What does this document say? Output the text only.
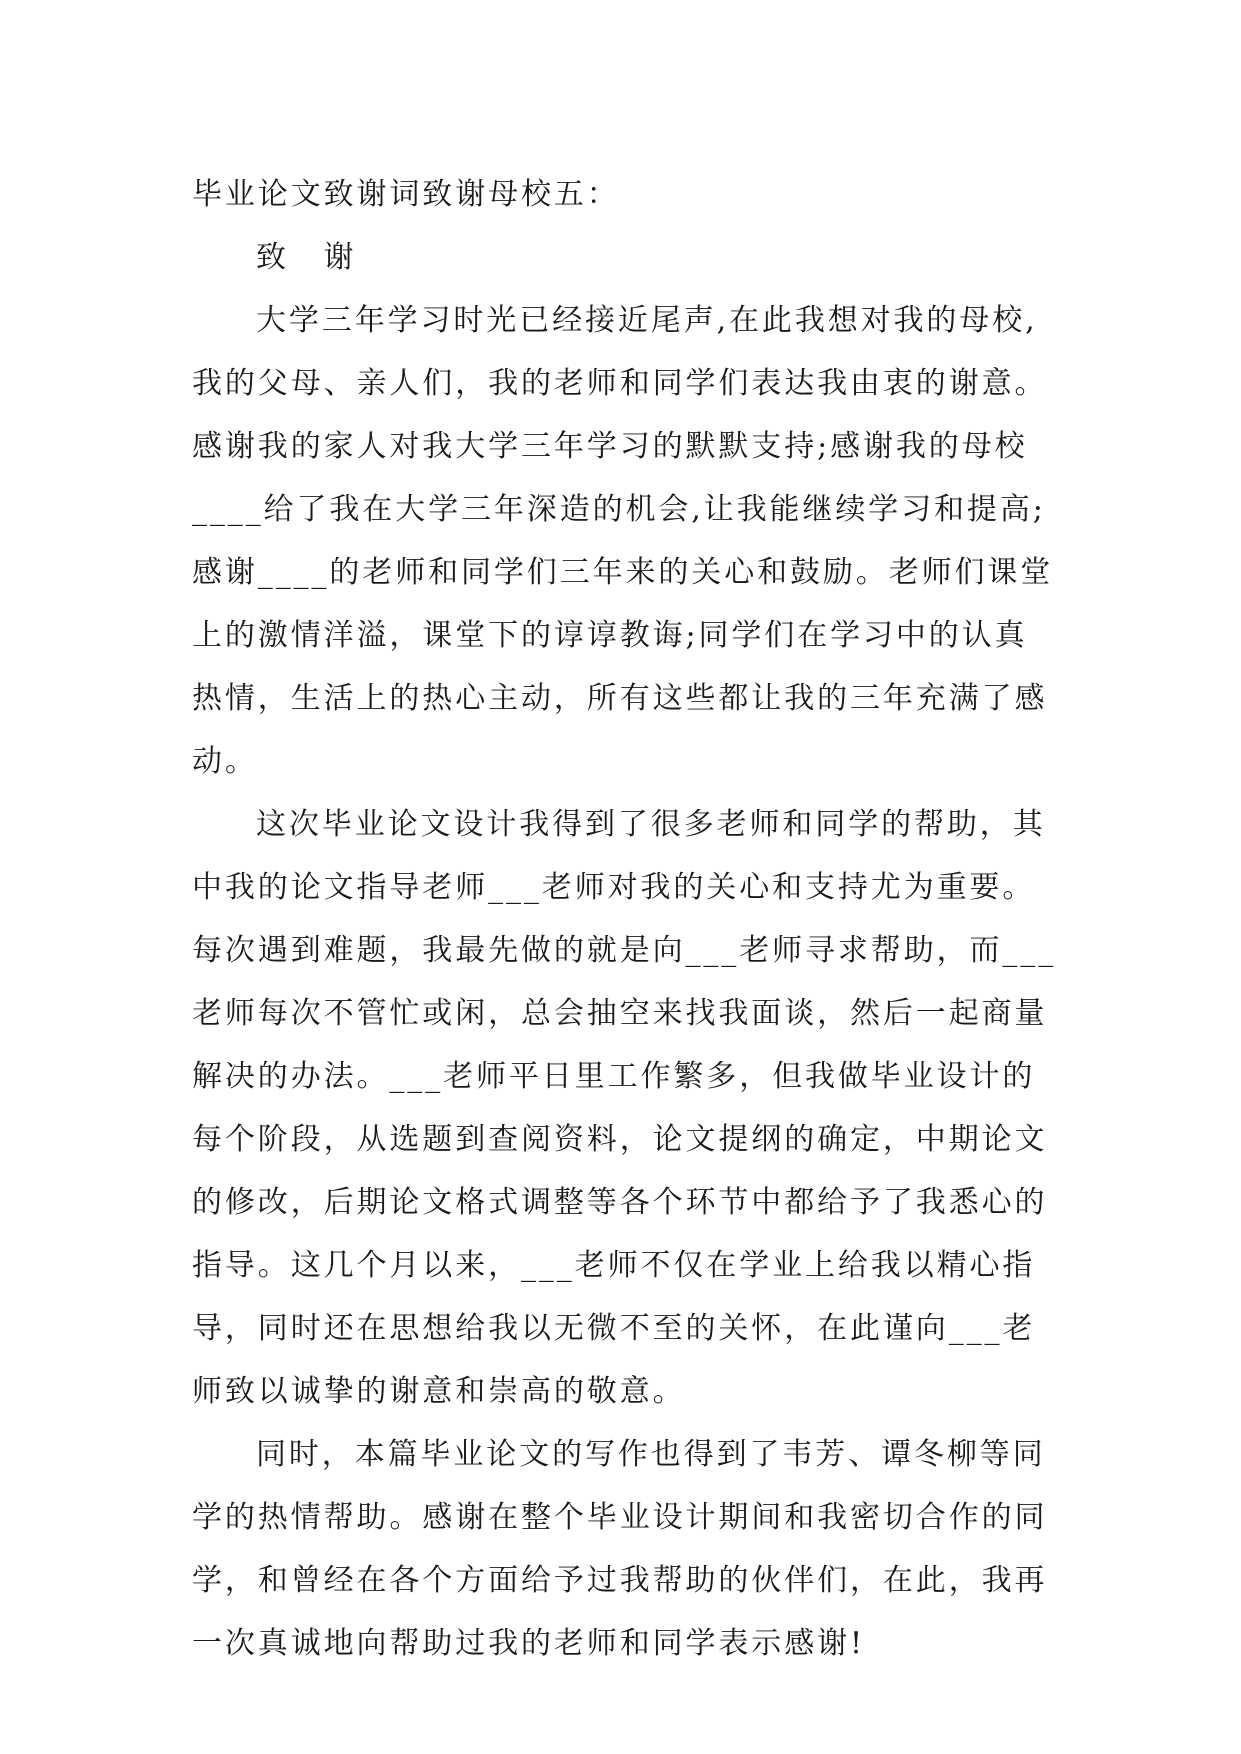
毕业论文致谢词致谢母校五：
致 谢
大学三年学习时光已经接近尾声,在此我想对我的母校,
我的父母、亲人们，我的老师和同学们表达我由衷的谢意。
感谢我的家人对我大学三年学习的默默支持;感谢我的母校
____给了我在大学三年深造的机会,让我能继续学习和提高;
感谢____的老师和同学们三年来的关心和鼓励。老师们课堂
上的激情洋溢，课堂下的谆谆教诲;同学们在学习中的认真
热情，生活上的热心主动，所有这些都让我的三年充满了感
动。
这次毕业论文设计我得到了很多老师和同学的帮助，其
中我的论文指导老师___老师对我的关心和支持尤为重要。
每次遇到难题，我最先做的就是向___老师寻求帮助，而___
老师每次不管忙或闲，总会抽空来找我面谈，然后一起商量
解决的办法。___老师平日里工作繁多，但我做毕业设计的
每个阶段，从选题到查阅资料，论文提纲的确定，中期论文
的修改，后期论文格式调整等各个环节中都给予了我悉心的
指导。这几个月以来，___老师不仅在学业上给我以精心指
导，同时还在思想给我以无微不至的关怀，在此谨向___老
师致以诚挚的谢意和崇高的敬意。
同时，本篇毕业论文的写作也得到了韦芳、谭冬柳等同
学的热情帮助。感谢在整个毕业设计期间和我密切合作的同
学，和曾经在各个方面给予过我帮助的伙伴们，在此，我再
一次真诚地向帮助过我的老师和同学表示感谢!
